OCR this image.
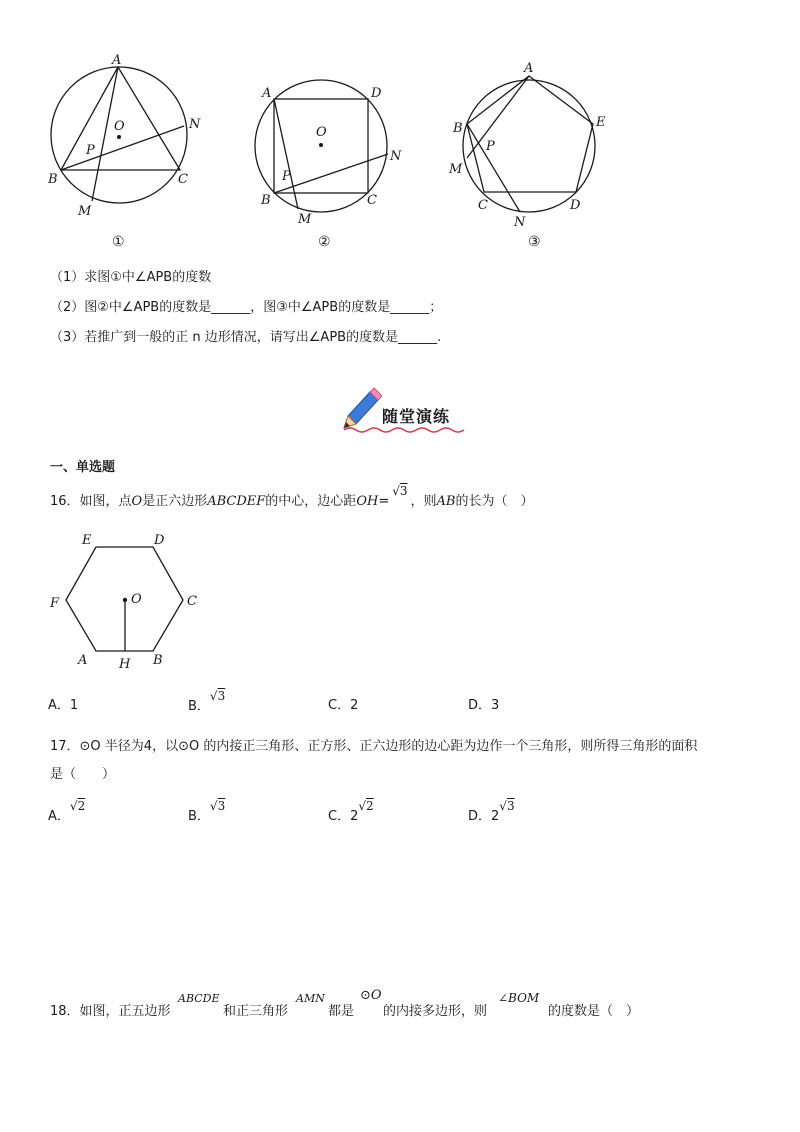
A
O	N
P
B	C
M
①
A	D
O
N
P
B	C
M
②
A
B	E
P
M
C
N
D
③
（1）求图①中∠APB的度数
（2）图②中∠APB的度数是______，图③中∠APB的度数是______；
（3）若推广到一般的正 n 边形情况，请写出∠APB的度数是______.
随堂演练
一、单选题
16．如图，点O是正六边形ABCDEF的中心，边心距OH=√3，则AB的长为（　）
E	D
F	O	C
A H B
A．1	B．√3
C．2	D．3
17．⊙O 半径为4，以⊙O 的内接正三角形、正方形、正六边形的边心距为边作一个三角形，则所得三角形的面积
是（　　）
A．√2
B．√3
C．2√2
D．2√3
18．如图，正五边形
ABCDE
和正三角形
AMN
都是
⊙O
的内接多边形，则
∠BOM
的度数是（　）
